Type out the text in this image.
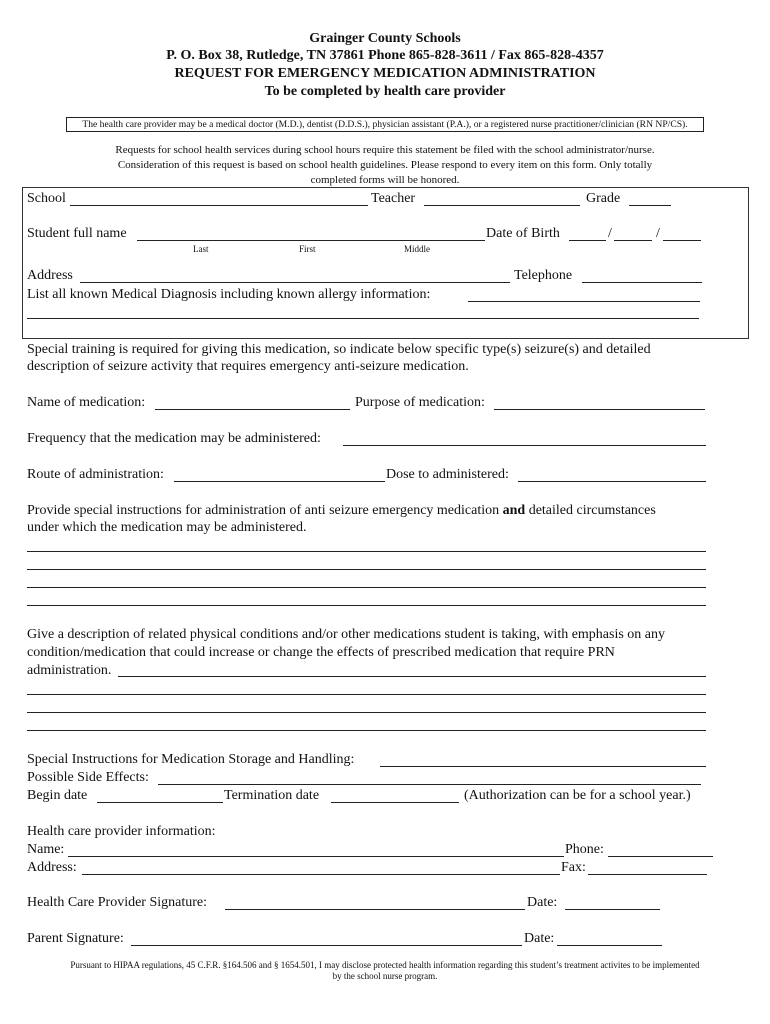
Grainger County Schools
P. O. Box 38, Rutledge, TN 37861 Phone 865-828-3611 / Fax 865-828-4357
REQUEST FOR EMERGENCY MEDICATION ADMINISTRATION
To be completed by health care provider
The health care provider may be a medical doctor (M.D.), dentist (D.D.S.), physician assistant (P.A.), or a registered nurse practitioner/clinician (RN NP/CS).
Requests for school health services during school hours require this statement be filed with the school administrator/nurse.
Consideration of this request is based on school health guidelines. Please respond to every item on this form. Only totally
completed forms will be honored.
School	Teacher	Grade
Student full name	Date of Birth	/	/
Last	First	Middle
Address	Telephone
List all known Medical Diagnosis including known allergy information:
Special training is required for giving this medication, so indicate below specific type(s) seizure(s) and detailed
description of seizure activity that requires emergency anti-seizure medication.
Name of medication:	Purpose of medication:
Frequency that the medication may be administered:
Route of administration:	Dose to administered:
Provide special instructions for administration of anti seizure emergency medication and detailed circumstances
under which the medication may be administered.
Give a description of related physical conditions and/or other medications student is taking, with emphasis on any
condition/medication that could increase or change the effects of prescribed medication that require PRN
administration.
Special Instructions for Medication Storage and Handling:
Possible Side Effects:
Begin date	Termination date	(Authorization can be for a school year.)
Health care provider information:
Name:	Phone:
Address:	Fax:
Health Care Provider Signature:	Date:
Parent Signature:	Date:
Pursuant to HIPAA regulations, 45 C.F.R. §164.506 and § 1654.501, I may disclose protected health information regarding this student’s treatment activites to be implemented
by the school nurse program.
